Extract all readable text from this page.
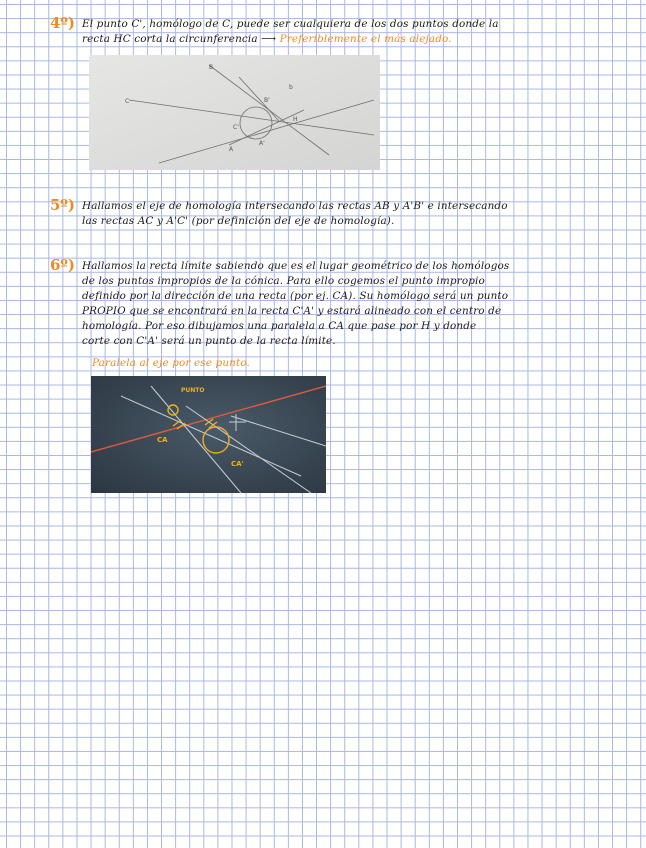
4º) El punto C', homólogo de C, puede ser cualquiera de los dos puntos donde la
recta HC corta la circunferencia ⟶ Preferiblemente el más alejado.
B
B'
C
C'
H
A
A'
b
5º) Hallamos el eje de homología intersecando las rectas AB y A'B' e intersecando
las rectas AC y A'C' (por definición del eje de homología).
6º) Hallamos la recta límite sabiendo que es el lugar geométrico de los homólogos
de los puntos impropios de la cónica. Para ello cogemos el punto impropio
definido por la dirección de una recta (por ej. CA). Su homólogo será un punto
PROPIO que se encontrará en la recta C'A' y estará alineado con el centro de
homología. Por eso dibujamos una paralela a CA que pase por H y donde
corte con C'A' será un punto de la recta límite.
Paralela al eje por ese punto.
PUNTO
CA
CA'
